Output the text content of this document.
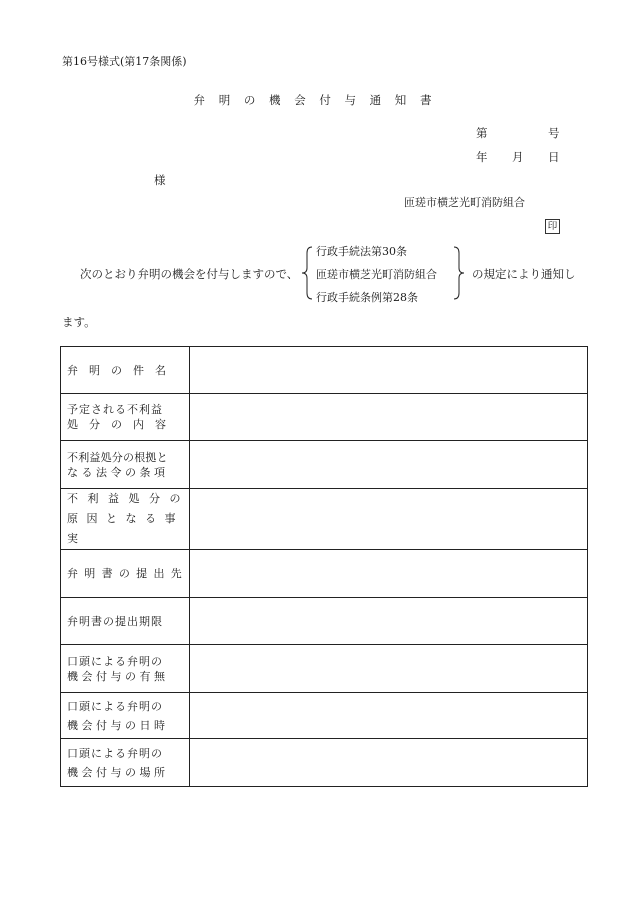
第16号様式(第17条関係)
弁 明 の 機 会 付 与 通 知 書
第	号
年 月 日
様
匝瑳市横芝光町消防組合
印
次のとおり弁明の機会を付与しますので、
行政手続法第30条
匝瑳市横芝光町消防組合
行政手続条例第28条
の規定により通知し
ます。
弁　明　の　件　名	

予定される不利益
処　分　の　内　容	

不利益処分の根拠と
な る 法 令 の 条 項	

不 利 益 処 分 の
原 因 と な る 事 実	

弁 明 書 の 提 出 先	

弁明書の提出期限	

口頭による弁明の
機 会 付 与 の 有 無	

口頭による弁明の
機 会 付 与 の 日 時	

口頭による弁明の
機 会 付 与 の 場 所	
